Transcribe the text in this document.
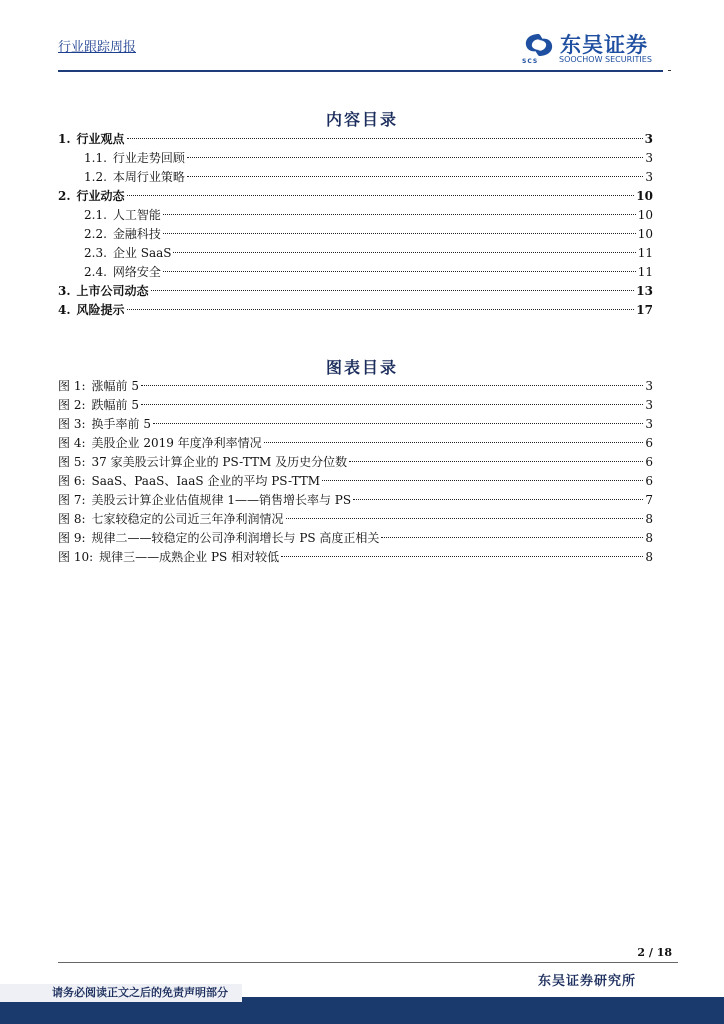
行业跟踪周报
SCS
东吴证券
SOOCHOW SECURITIES
内容目录
1. 行业观点	3
1.1. 行业走势回顾	3
1.2. 本周行业策略	3
2. 行业动态	10
2.1. 人工智能	10
2.2. 金融科技	10
2.3. 企业 SaaS	11
2.4. 网络安全	11
3. 上市公司动态	13
4. 风险提示	17
图表目录
图 1: 涨幅前 5	3
图 2: 跌幅前 5	3
图 3: 换手率前 5	3
图 4: 美股企业 2019 年度净利率情况	6
图 5: 37 家美股云计算企业的 PS-TTM 及历史分位数	6
图 6: SaaS、PaaS、IaaS 企业的平均 PS-TTM	6
图 7: 美股云计算企业估值规律 1——销售增长率与 PS	7
图 8: 七家较稳定的公司近三年净利润情况	8
图 9: 规律二——较稳定的公司净利润增长与 PS 高度正相关	8
图 10: 规律三——成熟企业 PS 相对较低	8
2 / 18
东吴证券研究所
请务必阅读正文之后的免责声明部分
